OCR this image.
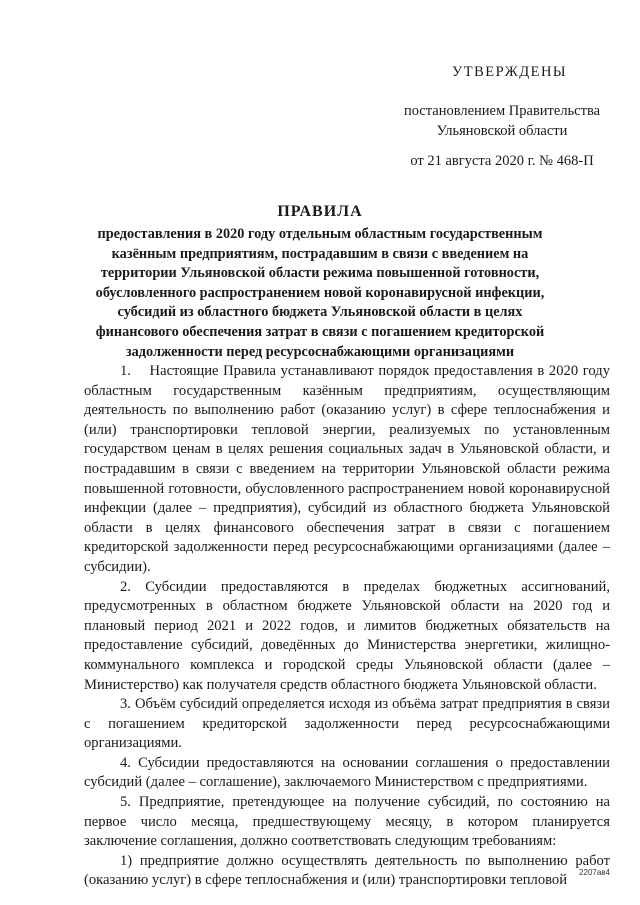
УТВЕРЖДЕНЫ
постановлением Правительства
Ульяновской области
от 21 августа 2020 г. № 468-П
ПРАВИЛА
предоставления в 2020 году отдельным областным государственным казённым предприятиям, пострадавшим в связи с введением на территории Ульяновской области режима повышенной готовности, обусловленного распространением новой коронавирусной инфекции, субсидий из областного бюджета Ульяновской области в целях финансового обеспечения затрат в связи с погашением кредиторской задолженности перед ресурсоснабжающими организациями

1.    Настоящие Правила устанавливают порядок предоставления в 2020 году областным государственным казённым предприятиям, осуществляющим деятельность по выполнению работ (оказанию услуг) в сфере теплоснабжения и (или) транспортировки тепловой энергии, реализуемых по установленным государством ценам в целях решения социальных задач в Ульяновской области, и пострадавшим в связи с введением на территории Ульяновской области режима повышенной готовности, обусловленного распространением новой коронавирусной инфекции (далее – предприятия), субсидий из областного бюджета Ульяновской области в целях финансового обеспечения затрат в связи с погашением кредиторской задолженности перед ресурсоснабжающими организациями (далее – субсидии).

2. Субсидии предоставляются в пределах бюджетных ассигнований, предусмотренных в областном бюджете Ульяновской области на 2020 год и плановый период 2021 и 2022 годов, и лимитов бюджетных обязательств на предоставление субсидий, доведённых до Министерства энергетики, жилищно-коммунального комплекса и городской среды Ульяновской области (далее – Министерство) как получателя средств областного бюджета Ульяновской области.

3. Объём субсидий определяется исходя из объёма затрат предприятия в связи с погашением кредиторской задолженности перед ресурсоснабжающими организациями.

4. Субсидии предоставляются на основании соглашения о предоставлении субсидий (далее – соглашение), заключаемого Министерством с предприятиями.

5. Предприятие, претендующее на получение субсидий, по состоянию на первое число месяца, предшествующему месяцу, в котором планируется заключение соглашения, должно соответствовать следующим требованиям:

1) предприятие должно осуществлять деятельность по выполнению работ (оказанию услуг) в сфере теплоснабжения и (или) транспортировки тепловой	2207ав4
